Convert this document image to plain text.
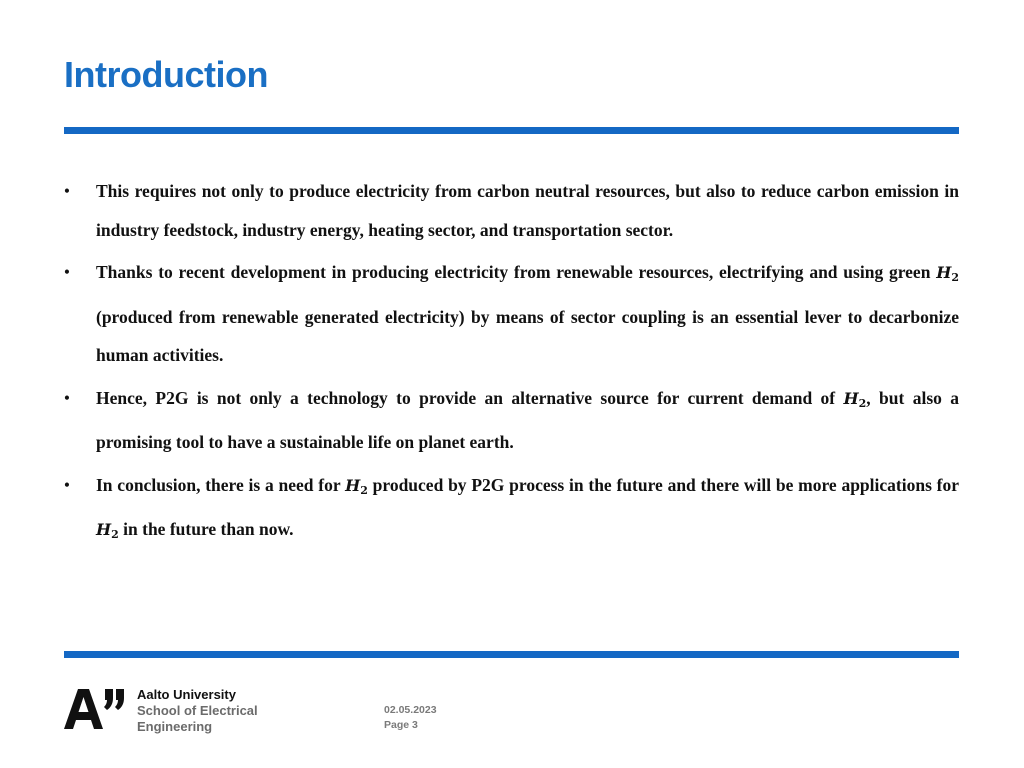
Introduction
• This requires not only to produce electricity from carbon neutral resources, but also to reduce carbon emission in industry feedstock, industry energy, heating sector, and transportation sector.
• Thanks to recent development in producing electricity from renewable resources, electrifying and using green $H_2$ (produced from renewable generated electricity) by means of sector coupling is an essential lever to decarbonize human activities.
• Hence, P2G is not only a technology to provide an alternative source for current demand of $H_2$, but also a promising tool to have a sustainable life on planet earth.
• In conclusion, there is a need for $H_2$ produced by P2G process in the future and there will be more applications for $H_2$ in the future than now.
Aalto University
School of Electrical
Engineering
02.05.2023
Page 3
